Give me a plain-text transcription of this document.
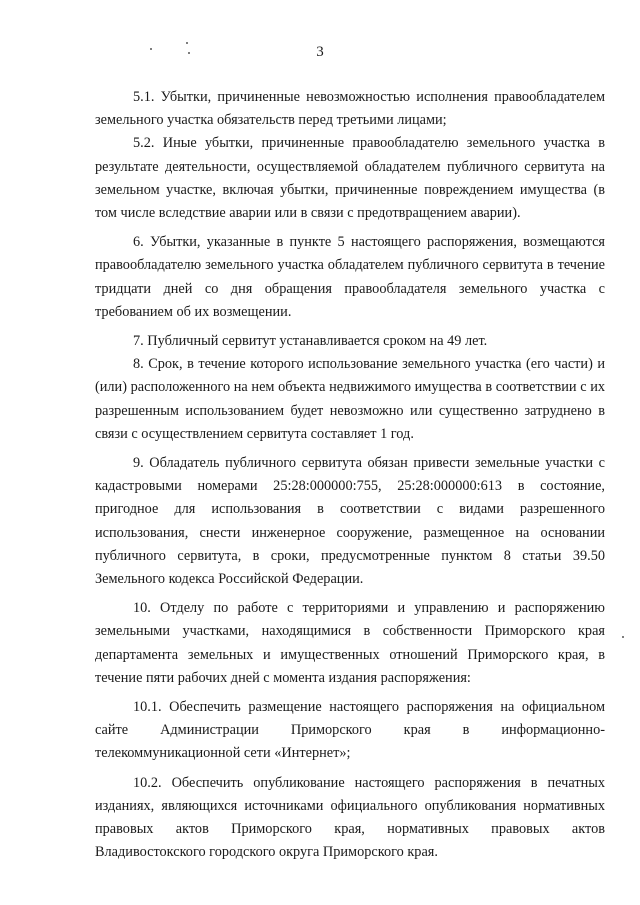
3

5.1. Убытки, причиненные невозможностью исполнения правообладателем земельного участка обязательств перед третьими лицами;

5.2. Иные убытки, причиненные правообладателю земельного участка в результате деятельности, осуществляемой обладателем публичного сервитута на земельном участке, включая убытки, причиненные повреждением имущества (в том числе вследствие аварии или в связи с предотвращением аварии).

6. Убытки, указанные в пункте 5 настоящего распоряжения, возмещаются правообладателю земельного участка обладателем публичного сервитута в течение тридцати дней со дня обращения правообладателя земельного участка с требованием об их возмещении.

7. Публичный сервитут устанавливается сроком на 49 лет.

8. Срок, в течение которого использование земельного участка (его части) и (или) расположенного на нем объекта недвижимого имущества в соответствии с их разрешенным использованием будет невозможно или существенно затруднено в связи с осуществлением сервитута составляет 1 год.

9. Обладатель публичного сервитута обязан привести земельные участки с кадастровыми номерами 25:28:000000:755, 25:28:000000:613 в состояние, пригодное для использования в соответствии с видами разрешенного использования, снести инженерное сооружение, размещенное на основании публичного сервитута, в сроки, предусмотренные пунктом 8 статьи 39.50 Земельного кодекса Российской Федерации.

10. Отделу по работе с территориями и управлению и распоряжению земельными участками, находящимися в собственности Приморского края департамента земельных и имущественных отношений Приморского края, в течение пяти рабочих дней с момента издания распоряжения:

10.1. Обеспечить размещение настоящего распоряжения на официальном сайте Администрации Приморского края в информационно-телекоммуникационной сети «Интернет»;

10.2. Обеспечить опубликование настоящего распоряжения в печатных изданиях, являющихся источниками официального опубликования нормативных правовых актов Приморского края, нормативных правовых актов Владивостокского городского округа Приморского края.
